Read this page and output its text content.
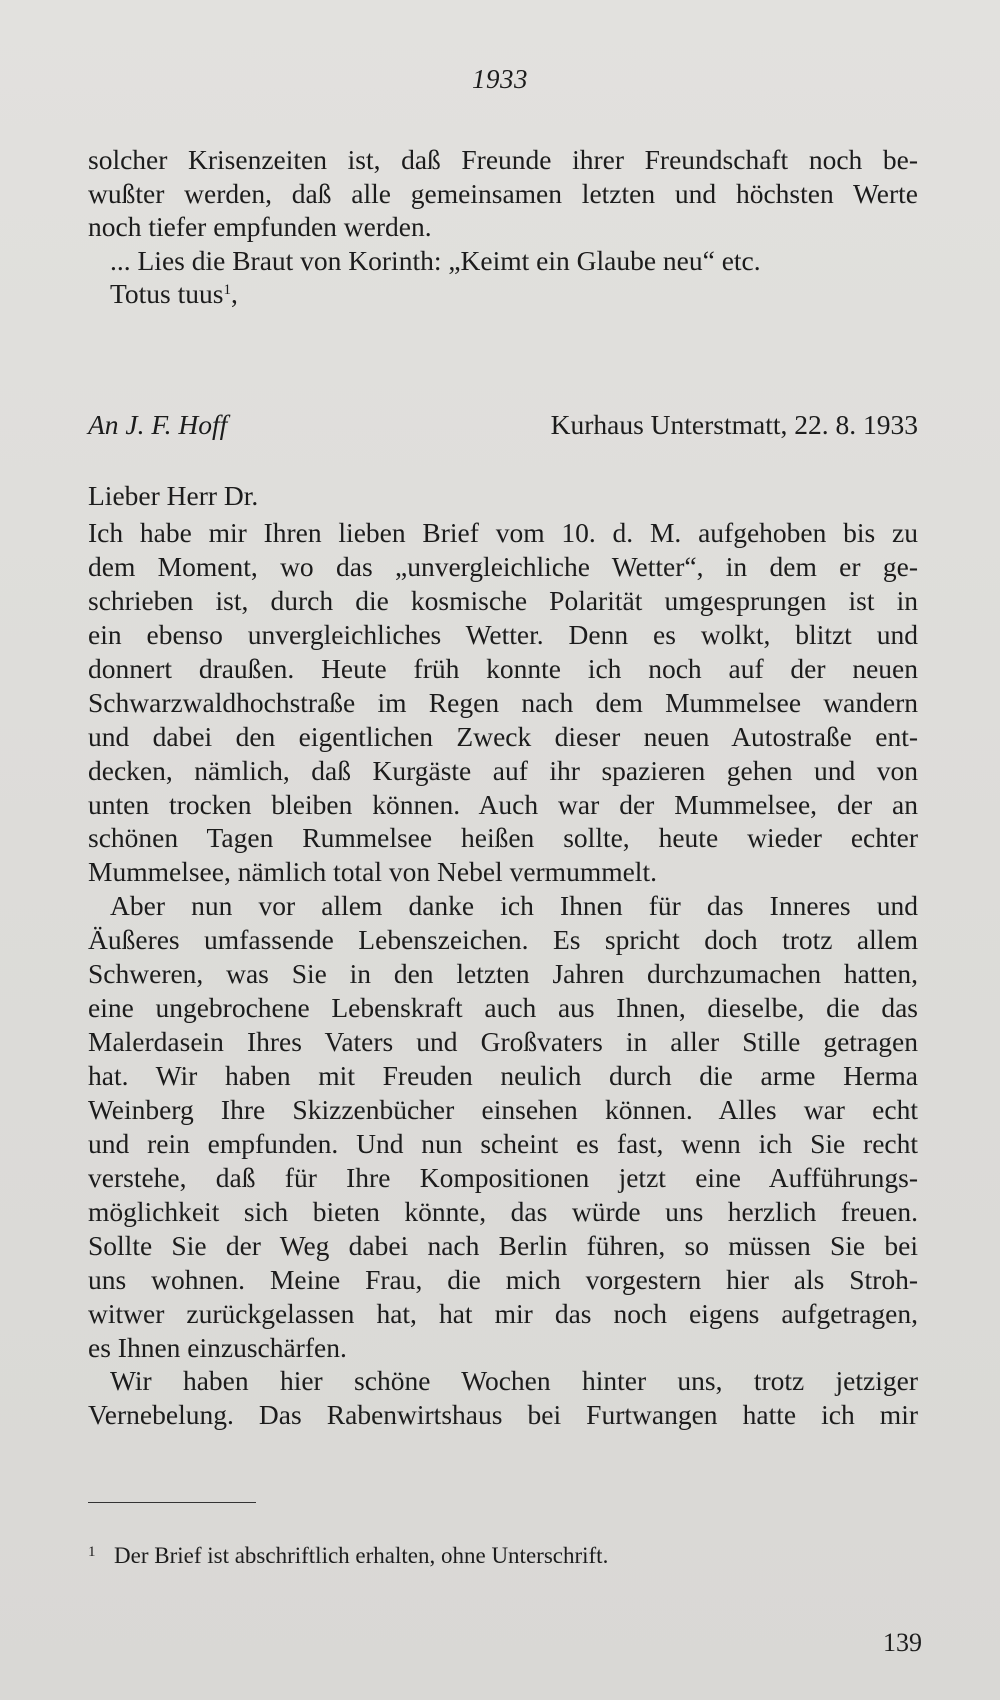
1933
solcher Krisenzeiten ist, daß Freunde ihrer Freundschaft noch be-
wußter werden, daß alle gemeinsamen letzten und höchsten Werte
noch tiefer empfunden werden.
... Lies die Braut von Korinth: „Keimt ein Glaube neu“ etc.
Totus tuus$^1$,
An J. F. Hoff	Kurhaus Unterstmatt, 22. 8. 1933
Lieber Herr Dr.
Ich habe mir Ihren lieben Brief vom 10. d. M. aufgehoben bis zu
dem Moment, wo das „unvergleichliche Wetter“, in dem er ge-
schrieben ist, durch die kosmische Polarität umgesprungen ist in
ein ebenso unvergleichliches Wetter. Denn es wolkt, blitzt und
donnert draußen. Heute früh konnte ich noch auf der neuen
Schwarzwaldhochstraße im Regen nach dem Mummelsee wandern
und dabei den eigentlichen Zweck dieser neuen Autostraße ent-
decken, nämlich, daß Kurgäste auf ihr spazieren gehen und von
unten trocken bleiben können. Auch war der Mummelsee, der an
schönen Tagen Rummelsee heißen sollte, heute wieder echter
Mummelsee, nämlich total von Nebel vermummelt.
Aber nun vor allem danke ich Ihnen für das Inneres und
Äußeres umfassende Lebenszeichen. Es spricht doch trotz allem
Schweren, was Sie in den letzten Jahren durchzumachen hatten,
eine ungebrochene Lebenskraft auch aus Ihnen, dieselbe, die das
Malerdasein Ihres Vaters und Großvaters in aller Stille getragen
hat. Wir haben mit Freuden neulich durch die arme Herma
Weinberg Ihre Skizzenbücher einsehen können. Alles war echt
und rein empfunden. Und nun scheint es fast, wenn ich Sie recht
verstehe, daß für Ihre Kompositionen jetzt eine Aufführungs-
möglichkeit sich bieten könnte, das würde uns herzlich freuen.
Sollte Sie der Weg dabei nach Berlin führen, so müssen Sie bei
uns wohnen. Meine Frau, die mich vorgestern hier als Stroh-
witwer zurückgelassen hat, hat mir das noch eigens aufgetragen,
es Ihnen einzuschärfen.
Wir haben hier schöne Wochen hinter uns, trotz jetziger
Vernebelung. Das Rabenwirtshaus bei Furtwangen hatte ich mir
1 Der Brief ist abschriftlich erhalten, ohne Unterschrift.
139
